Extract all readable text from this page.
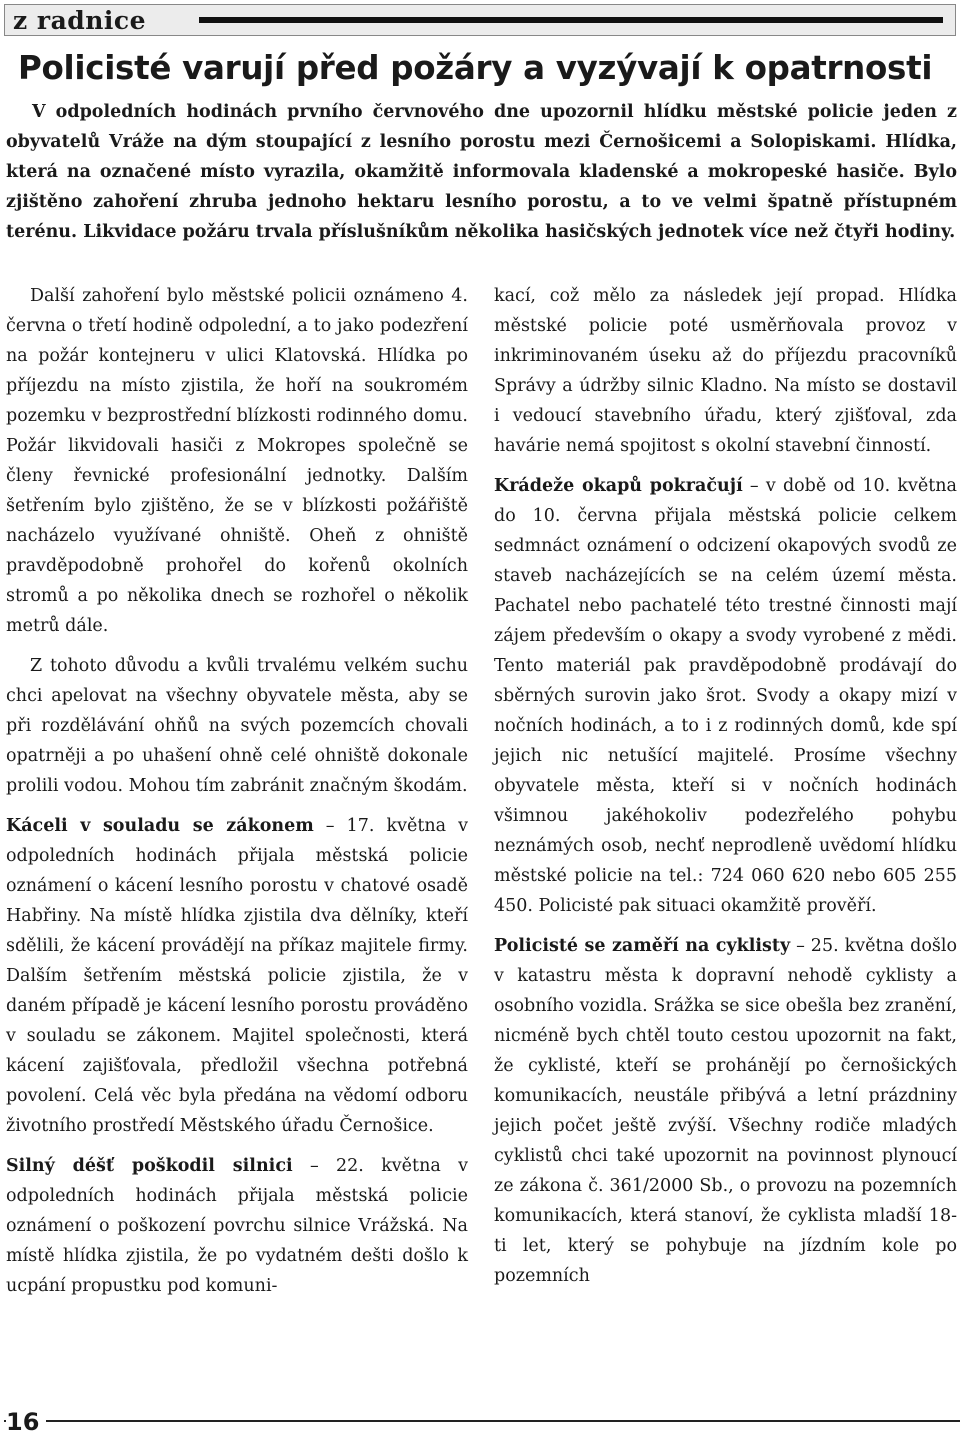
z radnice
Policisté varují před požáry a vyzývají k opatrnosti

V odpoledních hodinách prvního červnového dne upozornil hlídku městské policie jeden z obyvatelů Vráže na dým stoupající z lesního porostu mezi Černošicemi a Solopiskami. Hlídka, která na označené místo vyrazila, okamžitě informovala kladenské a mokropeské hasiče. Bylo zjištěno zahoření zhruba jednoho hektaru lesního porostu, a to ve velmi špatně přístupném terénu. Likvidace požáru trvala příslušníkům několika hasičských jednotek více než čtyři hodiny.

Další zahoření bylo městské policii oznámeno 4. června o třetí hodině odpolední, a to jako podezření na požár kontejneru v ulici Klatovská. Hlídka po příjezdu na místo zjistila, že hoří na soukromém pozemku v bezprostřední blízkosti rodinného domu. Požár likvidovali hasiči z Mokropes společně se členy řevnické profesionální jednotky. Dalším šetřením bylo zjištěno, že se v blízkosti požářiště nacházelo využívané ohniště. Oheň z ohniště pravděpodobně prohořel do kořenů okolních stromů a po několika dnech se rozhořel o několik metrů dále.

Z tohoto důvodu a kvůli trvalému velkém suchu chci apelovat na všechny obyvatele města, aby se při rozdělávání ohňů na svých pozemcích chovali opatrněji a po uhašení ohně celé ohniště dokonale prolili vodou. Mohou tím zabránit značným škodám.

Káceli v souladu se zákonem – 17. května v odpoledních hodinách přijala městská policie oznámení o kácení lesního porostu v chatové osadě Habřiny. Na místě hlídka zjistila dva dělníky, kteří sdělili, že kácení provádějí na příkaz majitele firmy. Dalším šetřením městská policie zjistila, že v daném případě je kácení lesního porostu prováděno v souladu se zákonem. Majitel společnosti, která kácení zajišťovala, předložil všechna potřebná povolení. Celá věc byla předána na vědomí odboru životního prostředí Městského úřadu Černošice.

Silný déšť poškodil silnici – 22. května v odpoledních hodinách přijala městská policie oznámení o poškození povrchu silnice Vrážská. Na místě hlídka zjistila, že po vydatném dešti došlo k ucpání propustku pod komuni-

kací, což mělo za následek její propad. Hlídka městské policie poté usměrňovala provoz v inkriminovaném úseku až do příjezdu pracovníků Správy a údržby silnic Kladno. Na místo se dostavil i vedoucí stavebního úřadu, který zjišťoval, zda havárie nemá spojitost s okolní stavební činností.

Krádeže okapů pokračují – v době od 10. května do 10. června přijala městská policie celkem sedmnáct oznámení o odcizení okapových svodů ze staveb nacházejících se na celém území města. Pachatel nebo pachatelé této trestné činnosti mají zájem především o okapy a svody vyrobené z mědi. Tento materiál pak pravděpodobně prodávají do sběrných surovin jako šrot. Svody a okapy mizí v nočních hodinách, a to i z rodinných domů, kde spí jejich nic netušící majitelé. Prosíme všechny obyvatele města, kteří si v nočních hodinách všimnou jakéhokoliv podezřelého pohybu neznámých osob, nechť neprodleně uvědomí hlídku městské policie na tel.: 724 060 620 nebo 605 255 450. Policisté pak situaci okamžitě prověří.

Policisté se zaměří na cyklisty – 25. května došlo v katastru města k dopravní nehodě cyklisty a osobního vozidla. Srážka se sice obešla bez zranění, nicméně bych chtěl touto cestou upozornit na fakt, že cyklisté, kteří se prohánějí po černošických komunikacích, neustále přibývá a letní prázdniny jejich počet ještě zvýší. Všechny rodiče mladých cyklistů chci také upozornit na povinnost plynoucí ze zákona č. 361/2000 Sb., o provozu na pozemních komunikacích, která stanoví, že cyklista mladší 18-ti let, který se pohybuje na jízdním kole po pozemních

16
